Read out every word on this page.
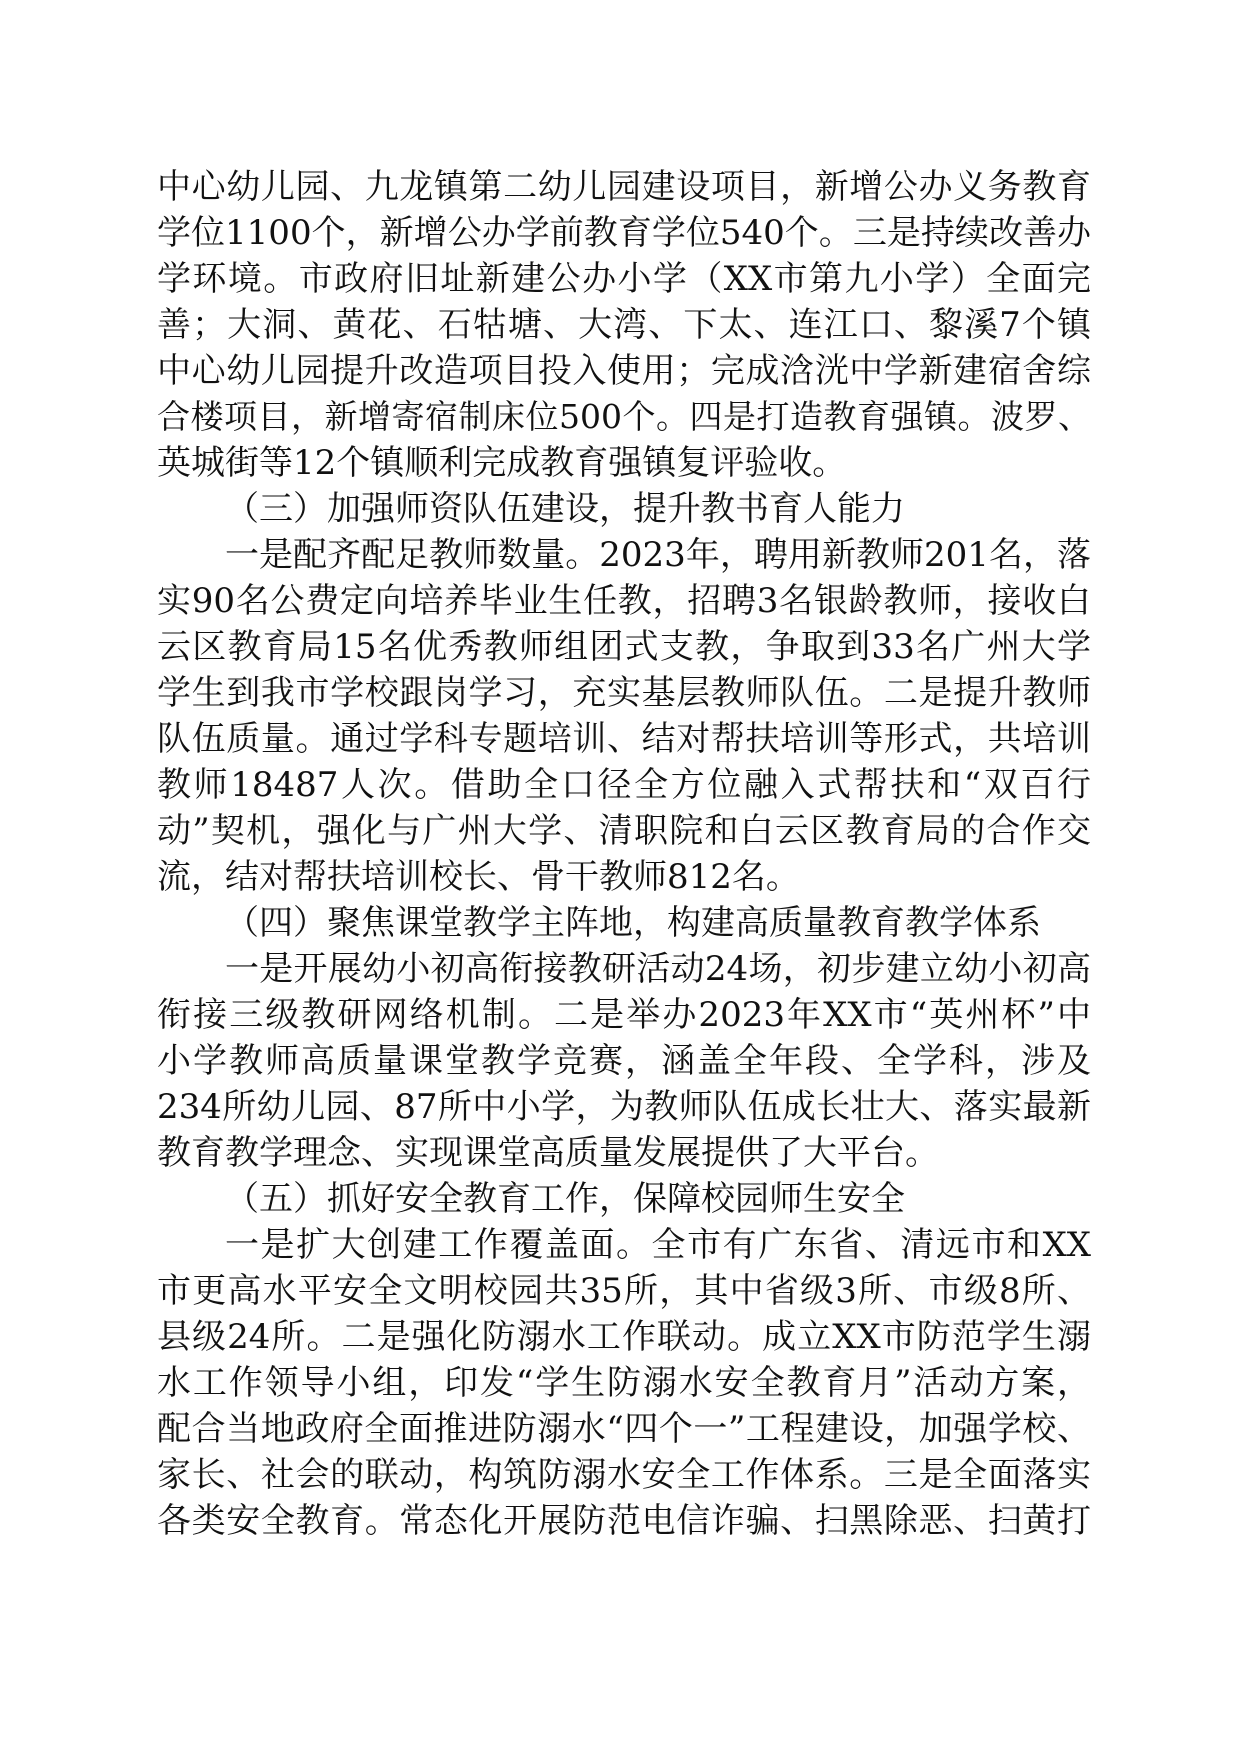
中心幼儿园、九龙镇第二幼儿园建设项目，新增公办义务教育
学位1100个，新增公办学前教育学位540个。三是持续改善办
学环境。市政府旧址新建公办小学（XX市第九小学）全面完
善；大洞、黄花、石牯塘、大湾、下太、连江口、黎溪7个镇
中心幼儿园提升改造项目投入使用；完成浛洸中学新建宿舍综
合楼项目，新增寄宿制床位500个。四是打造教育强镇。波罗、
英城街等12个镇顺利完成教育强镇复评验收。
（三）加强师资队伍建设，提升教书育人能力
一是配齐配足教师数量。2023年，聘用新教师201名，落
实90名公费定向培养毕业生任教，招聘3名银龄教师，接收白
云区教育局15名优秀教师组团式支教，争取到33名广州大学
学生到我市学校跟岗学习，充实基层教师队伍。二是提升教师
队伍质量。通过学科专题培训、结对帮扶培训等形式，共培训
教师18487人次。借助全口径全方位融入式帮扶和“双百行
动”契机，强化与广州大学、清职院和白云区教育局的合作交
流，结对帮扶培训校长、骨干教师812名。
（四）聚焦课堂教学主阵地，构建高质量教育教学体系
一是开展幼小初高衔接教研活动24场，初步建立幼小初高
衔接三级教研网络机制。二是举办2023年XX市“英州杯”中
小学教师高质量课堂教学竞赛，涵盖全年段、全学科，涉及
234所幼儿园、87所中小学，为教师队伍成长壮大、落实最新
教育教学理念、实现课堂高质量发展提供了大平台。
（五）抓好安全教育工作，保障校园师生安全
一是扩大创建工作覆盖面。全市有广东省、清远市和XX
市更高水平安全文明校园共35所，其中省级3所、市级8所、
县级24所。二是强化防溺水工作联动。成立XX市防范学生溺
水工作领导小组，印发“学生防溺水安全教育月”活动方案，
配合当地政府全面推进防溺水“四个一”工程建设，加强学校、
家长、社会的联动，构筑防溺水安全工作体系。三是全面落实
各类安全教育。常态化开展防范电信诈骗、扫黑除恶、扫黄打
